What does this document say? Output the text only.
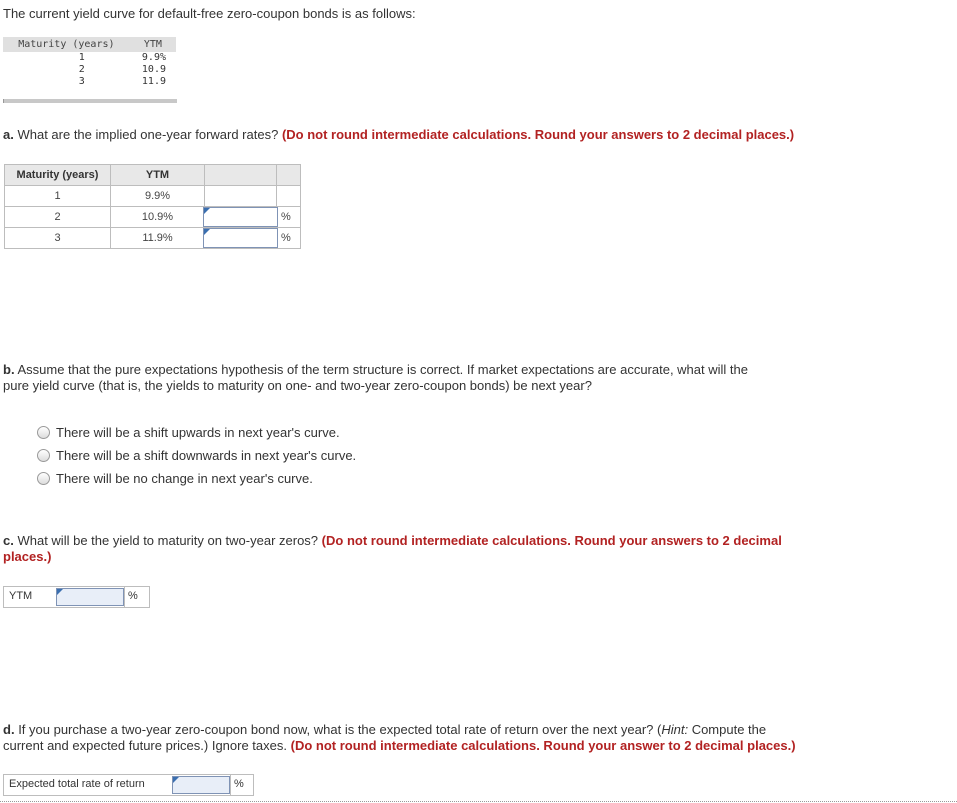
The current yield curve for default-free zero-coupon bonds is as follows:
Maturity (years)	YTM
1	9.9%
2	10.9
3	11.9
a. What are the implied one-year forward rates? (Do not round intermediate calculations. Round your answers to 2 decimal places.)
Maturity (years)	YTM		
1	9.9%		
2	10.9%		%
3	11.9%		%
b. Assume that the pure expectations hypothesis of the term structure is correct. If market expectations are accurate, what will the
pure yield curve (that is, the yields to maturity on one- and two-year zero-coupon bonds) be next year?
There will be a shift upwards in next year's curve.
There will be a shift downwards in next year's curve.
There will be no change in next year's curve.
c. What will be the yield to maturity on two-year zeros? (Do not round intermediate calculations. Round your answers to 2 decimal
places.)
YTM	%
d. If you purchase a two-year zero-coupon bond now, what is the expected total rate of return over the next year? (Hint: Compute the
current and expected future prices.) Ignore taxes. (Do not round intermediate calculations. Round your answer to 2 decimal places.)
Expected total rate of return	%
